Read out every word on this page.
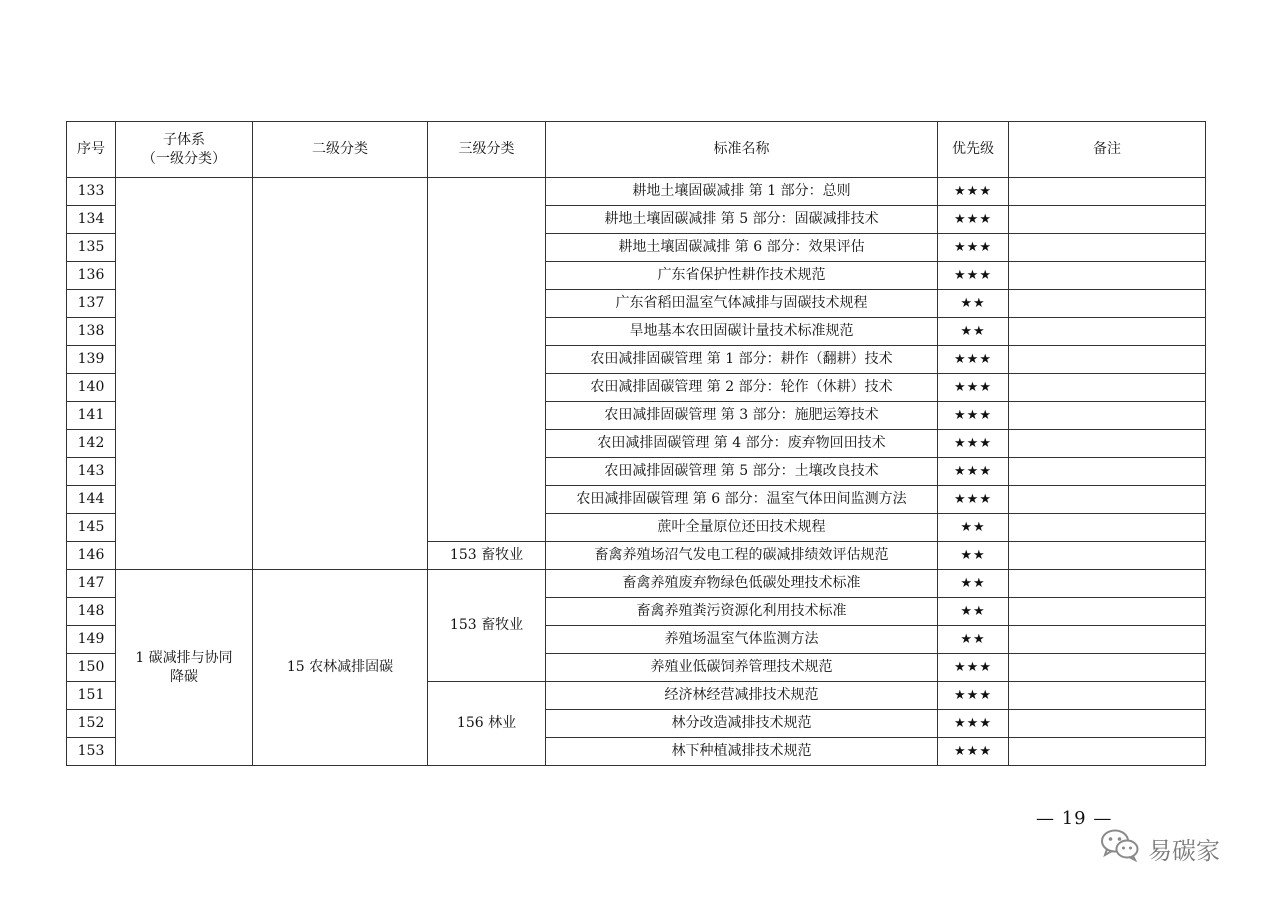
序号	子体系
（一级分类）	二级分类	三级分类	标准名称	优先级	备注
133				耕地土壤固碳减排 第 1 部分：总则	★★★	
134				耕地土壤固碳减排 第 5 部分：固碳减排技术	★★★	
135				耕地土壤固碳减排 第 6 部分：效果评估	★★★	
136				广东省保护性耕作技术规范	★★★	
137				广东省稻田温室气体减排与固碳技术规程	★★	
138				旱地基本农田固碳计量技术标准规范	★★	
139				农田减排固碳管理 第 1 部分：耕作（翻耕）技术	★★★	
140				农田减排固碳管理 第 2 部分：轮作（休耕）技术	★★★	
141				农田减排固碳管理 第 3 部分：施肥运筹技术	★★★	
142				农田减排固碳管理 第 4 部分：废弃物回田技术	★★★	
143				农田减排固碳管理 第 5 部分：土壤改良技术	★★★	
144				农田减排固碳管理 第 6 部分：温室气体田间监测方法	★★★	
145				蔗叶全量原位还田技术规程	★★	
146			153 畜牧业	畜禽养殖场沼气发电工程的碳减排绩效评估规范	★★	
147	1 碳减排与协同
降碳	15 农林减排固碳	153 畜牧业	畜禽养殖废弃物绿色低碳处理技术标准	★★	
148				畜禽养殖粪污资源化利用技术标准	★★	
149				养殖场温室气体监测方法	★★	
150				养殖业低碳饲养管理技术规范	★★★	
151			156 林业	经济林经营减排技术规范	★★★	
152				林分改造减排技术规范	★★★	
153				林下种植减排技术规范	★★★	
— 19 —
易碳家
